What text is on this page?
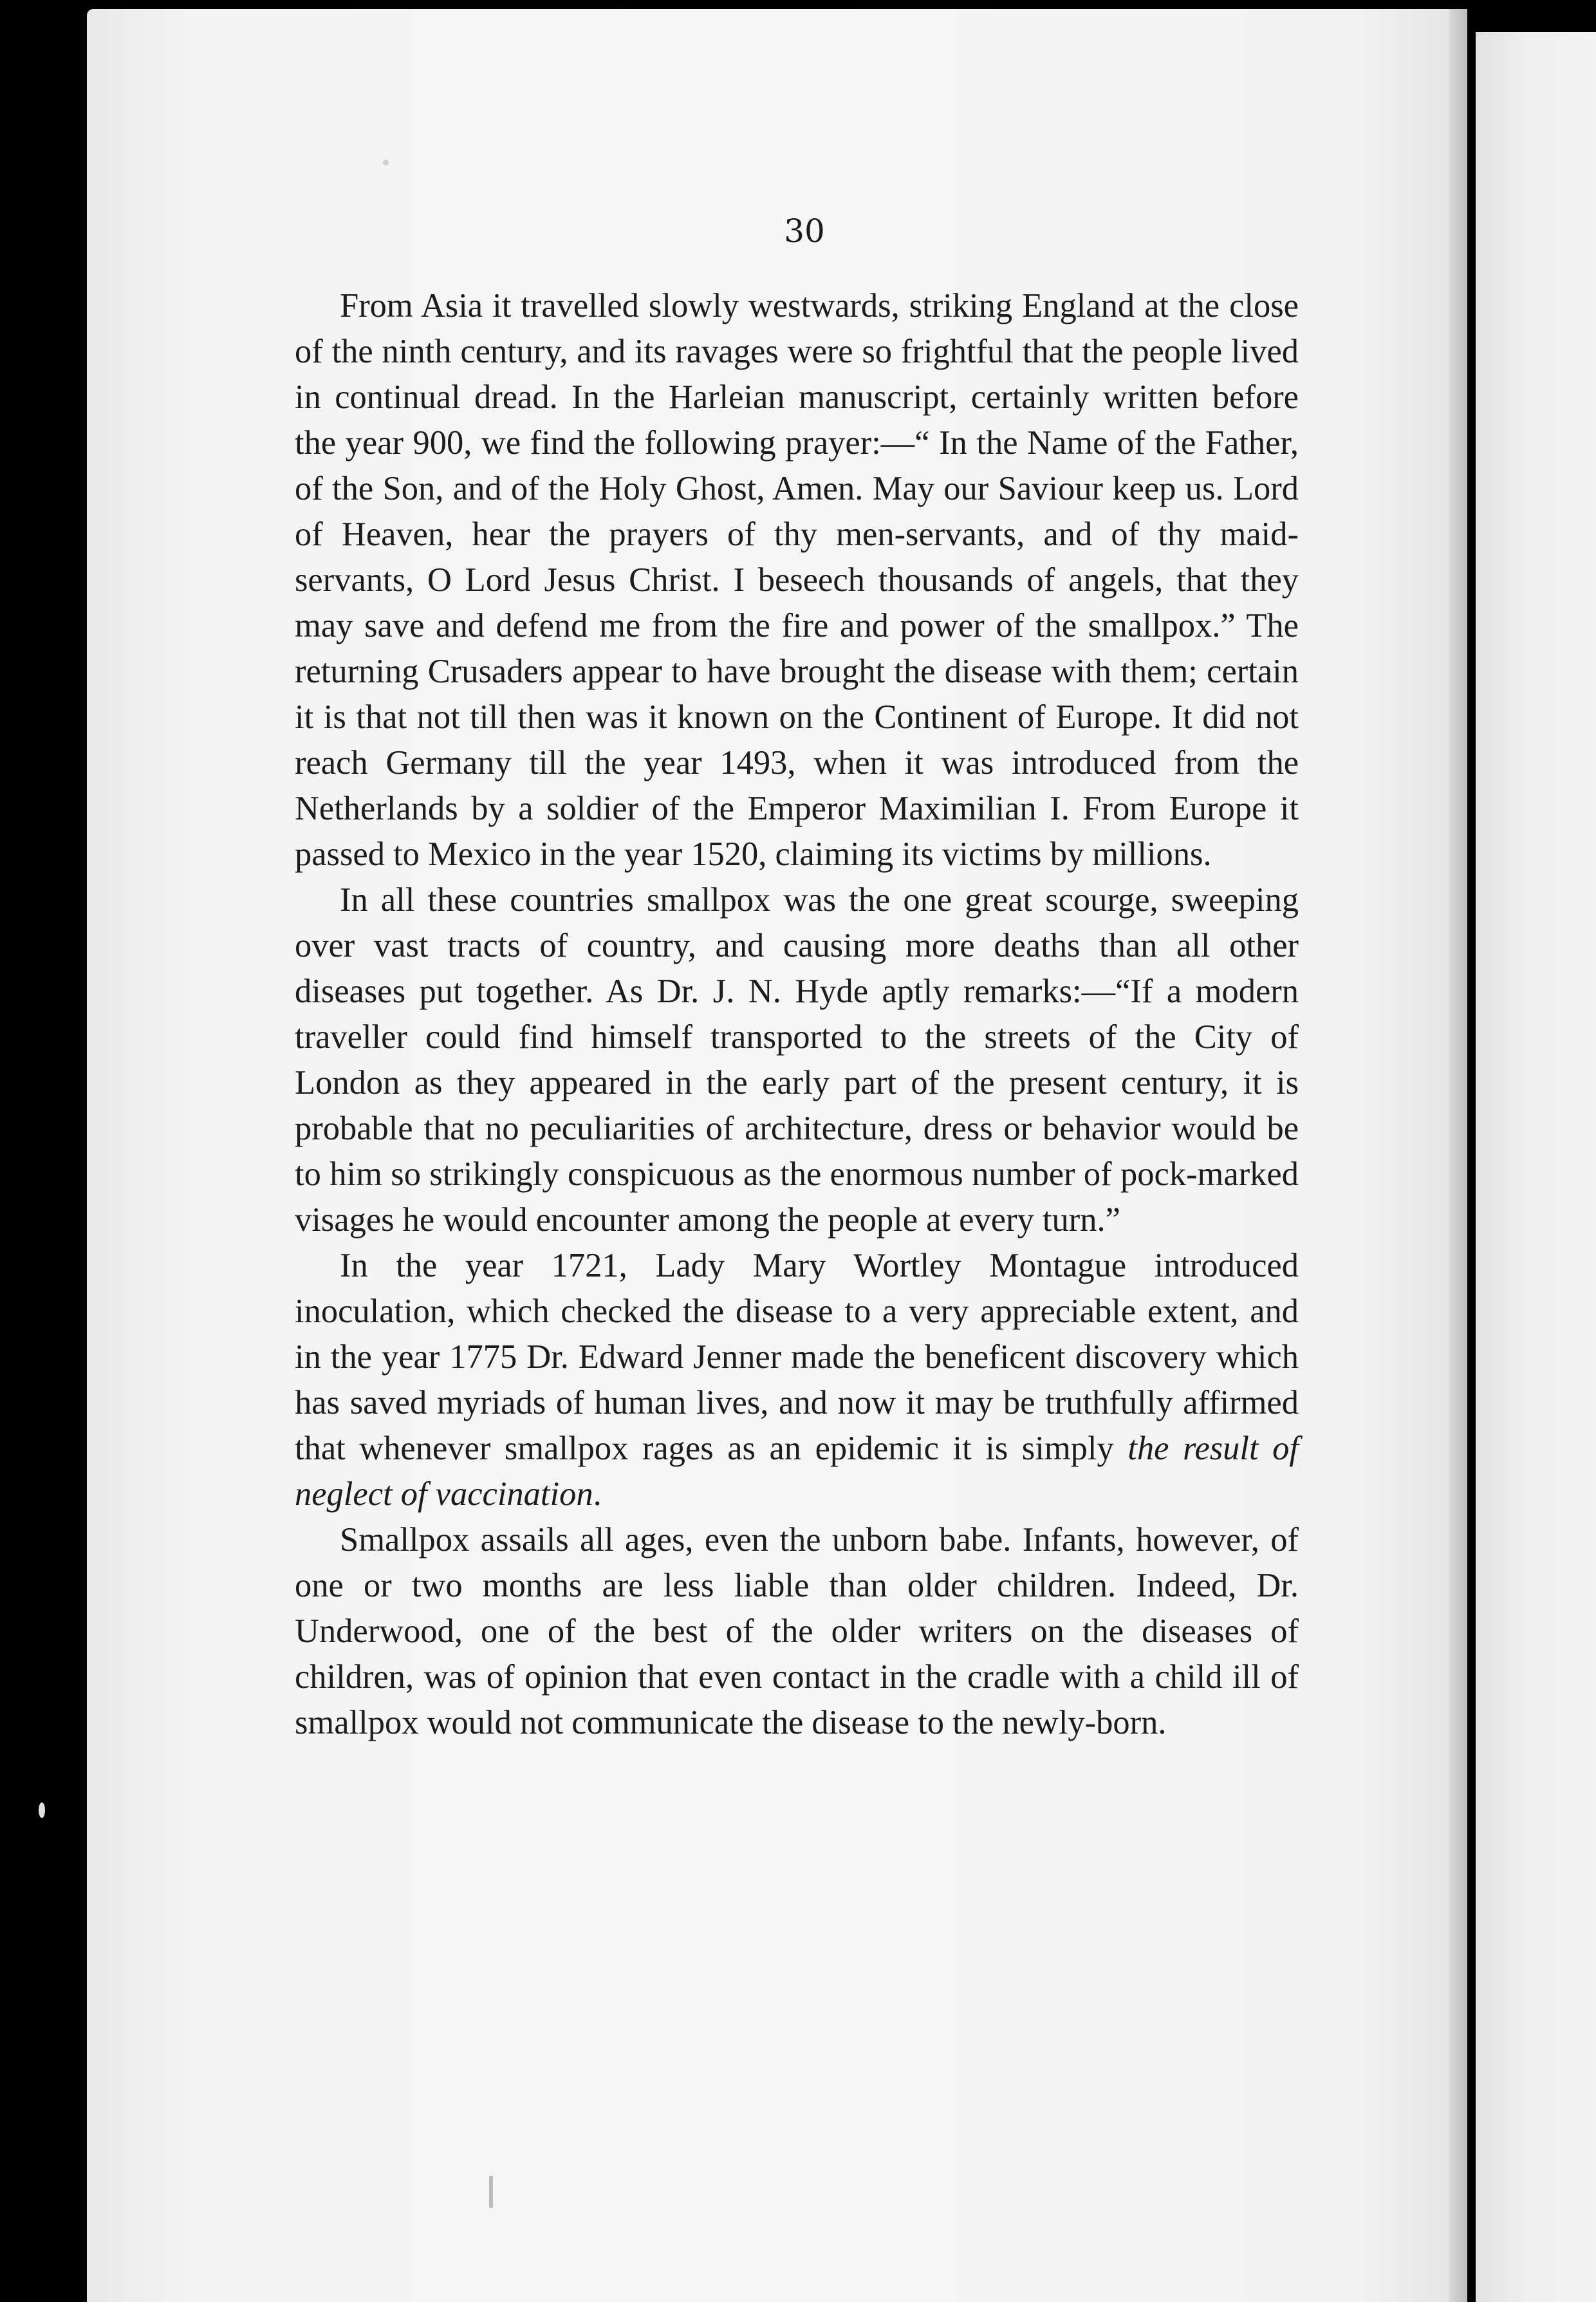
30

From Asia it travelled slowly westwards, striking England at the close of the ninth century, and its ravages were so frightful that the people lived in continual dread. In the Harleian manuscript, certainly written before the year 900, we find the following prayer:—“ In the Name of the Father, of the Son, and of the Holy Ghost, Amen. May our Saviour keep us. Lord of Heaven, hear the prayers of thy men-servants, and of thy maid-servants, O Lord Jesus Christ. I beseech thousands of angels, that they may save and defend me from the fire and power of the smallpox.” The returning Crusaders appear to have brought the disease with them; certain it is that not till then was it known on the Continent of Europe. It did not reach Germany till the year 1493, when it was introduced from the Netherlands by a soldier of the Emperor Maximilian I. From Europe it passed to Mexico in the year 1520, claiming its victims by millions.

In all these countries smallpox was the one great scourge, sweeping over vast tracts of country, and causing more deaths than all other diseases put together. As Dr. J. N. Hyde aptly remarks:—“If a modern traveller could find himself transported to the streets of the City of London as they appeared in the early part of the present century, it is probable that no peculiarities of architecture, dress or behavior would be to him so strikingly conspicuous as the enormous number of pock-marked visages he would encounter among the people at every turn.”

In the year 1721, Lady Mary Wortley Montague introduced inoculation, which checked the disease to a very appreciable extent, and in the year 1775 Dr. Edward Jenner made the beneficent discovery which has saved myriads of human lives, and now it may be truthfully affirmed that whenever smallpox rages as an epidemic it is simply the result of neglect of vaccination.

Smallpox assails all ages, even the unborn babe. Infants, however, of one or two months are less liable than older children. Indeed, Dr. Underwood, one of the best of the older writers on the diseases of children, was of opinion that even contact in the cradle with a child ill of smallpox would not communicate the disease to the newly-born.
